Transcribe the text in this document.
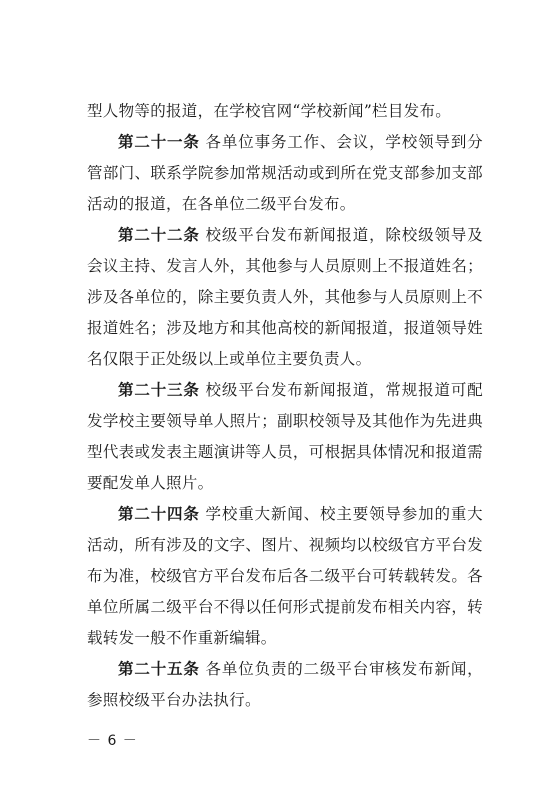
型人物等的报道，在学校官网“学校新闻”栏目发布。

第二十一条 各单位事务工作、会议，学校领导到分管部门、联系学院参加常规活动或到所在党支部参加支部活动的报道，在各单位二级平台发布。

第二十二条 校级平台发布新闻报道，除校级领导及会议主持、发言人外，其他参与人员原则上不报道姓名；涉及各单位的，除主要负责人外，其他参与人员原则上不报道姓名；涉及地方和其他高校的新闻报道，报道领导姓名仅限于正处级以上或单位主要负责人。

第二十三条 校级平台发布新闻报道，常规报道可配发学校主要领导单人照片；副职校领导及其他作为先进典型代表或发表主题演讲等人员，可根据具体情况和报道需要配发单人照片。

第二十四条 学校重大新闻、校主要领导参加的重大活动，所有涉及的文字、图片、视频均以校级官方平台发布为准，校级官方平台发布后各二级平台可转载转发。各单位所属二级平台不得以任何形式提前发布相关内容，转载转发一般不作重新编辑。

第二十五条 各单位负责的二级平台审核发布新闻，参照校级平台办法执行。

－ 6 －
